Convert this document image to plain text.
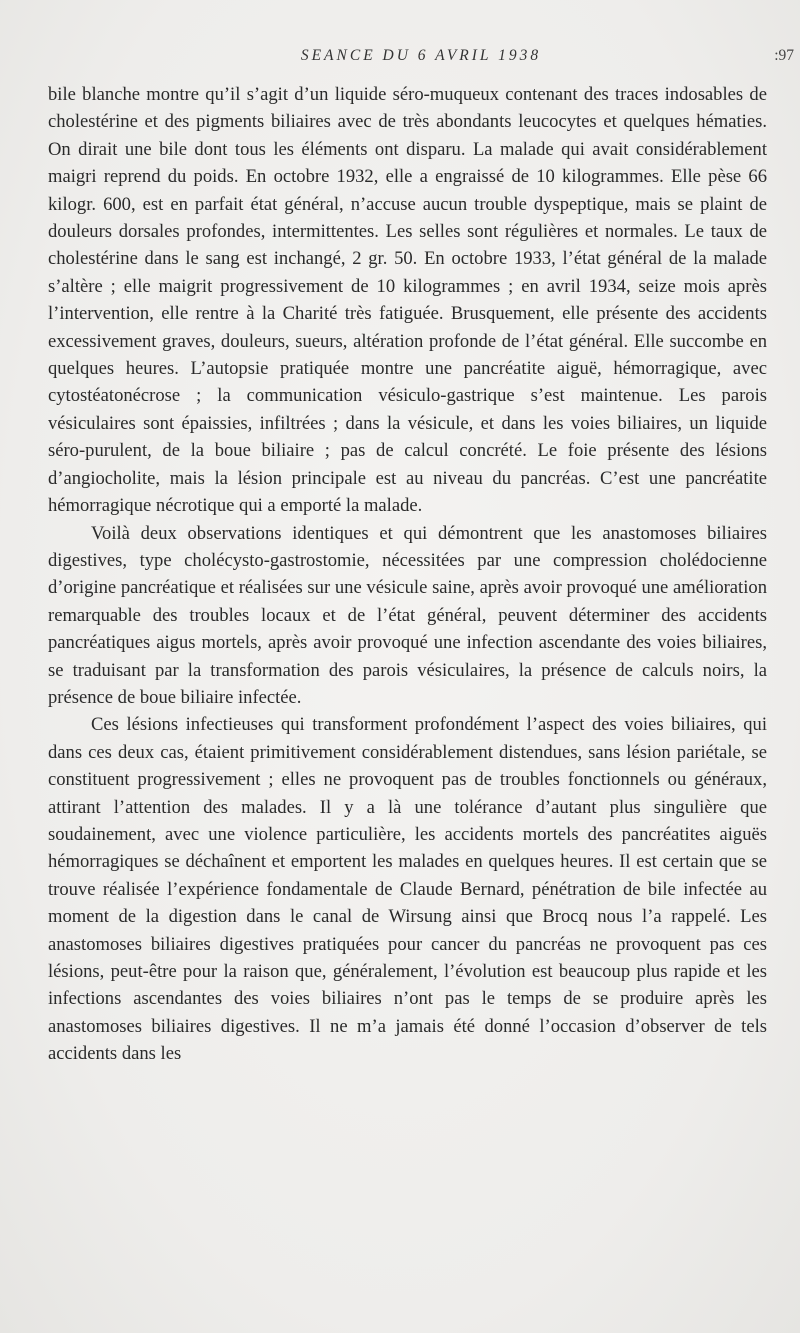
SEANCE DU 6 AVRIL 1938	:97

bile blanche montre qu’il s’agit d’un liquide séro-muqueux contenant des traces indosables de cholestérine et des pigments biliaires avec de très abondants leucocytes et quelques hématies. On dirait une bile dont tous les éléments ont disparu. La malade qui avait considérablement maigri reprend du poids. En octobre 1932, elle a engraissé de 10 kilogrammes. Elle pèse 66 kilogr. 600, est en parfait état général, n’accuse aucun trouble dyspeptique, mais se plaint de douleurs dorsales profondes, intermittentes. Les selles sont régulières et normales. Le taux de cholestérine dans le sang est inchangé, 2 gr. 50. En octobre 1933, l’état général de la malade s’altère ; elle maigrit progressivement de 10 kilogrammes ; en avril 1934, seize mois après l’intervention, elle rentre à la Charité très fatiguée. Brusquement, elle présente des accidents excessivement graves, douleurs, sueurs, altération profonde de l’état général. Elle succombe en quelques heures. L’autopsie pratiquée montre une pancréatite aiguë, hémorragique, avec cytostéatonécrose ; la communication vésiculo-gastrique s’est maintenue. Les parois vésiculaires sont épaissies, infiltrées ; dans la vésicule, et dans les voies biliaires, un liquide séro-purulent, de la boue biliaire ; pas de calcul concrété. Le foie présente des lésions d’angiocholite, mais la lésion principale est au niveau du pancréas. C’est une pancréatite hémorragique nécrotique qui a emporté la malade.

Voilà deux observations identiques et qui démontrent que les anastomoses biliaires digestives, type cholécysto-gastrostomie, nécessitées par une compression cholédocienne d’origine pancréatique et réalisées sur une vésicule saine, après avoir provoqué une amélioration remarquable des troubles locaux et de l’état général, peuvent déterminer des accidents pancréatiques aigus mortels, après avoir provoqué une infection ascendante des voies biliaires, se traduisant par la transformation des parois vésiculaires, la présence de calculs noirs, la présence de boue biliaire infectée.

Ces lésions infectieuses qui transforment profondément l’aspect des voies biliaires, qui dans ces deux cas, étaient primitivement considérablement distendues, sans lésion pariétale, se constituent progressivement ; elles ne provoquent pas de troubles fonctionnels ou généraux, attirant l’attention des malades. Il y a là une tolérance d’autant plus singulière que soudainement, avec une violence particulière, les accidents mortels des pancréatites aiguës hémorragiques se déchaînent et emportent les malades en quelques heures. Il est certain que se trouve réalisée l’expérience fondamentale de Claude Bernard, pénétration de bile infectée au moment de la digestion dans le canal de Wirsung ainsi que Brocq nous l’a rappelé. Les anastomoses biliaires digestives pratiquées pour cancer du pancréas ne provoquent pas ces lésions, peut-être pour la raison que, généralement, l’évolution est beaucoup plus rapide et les infections ascendantes des voies biliaires n’ont pas le temps de se produire après les anastomoses biliaires digestives. Il ne m’a jamais été donné l’occasion d’observer de tels accidents dans les
